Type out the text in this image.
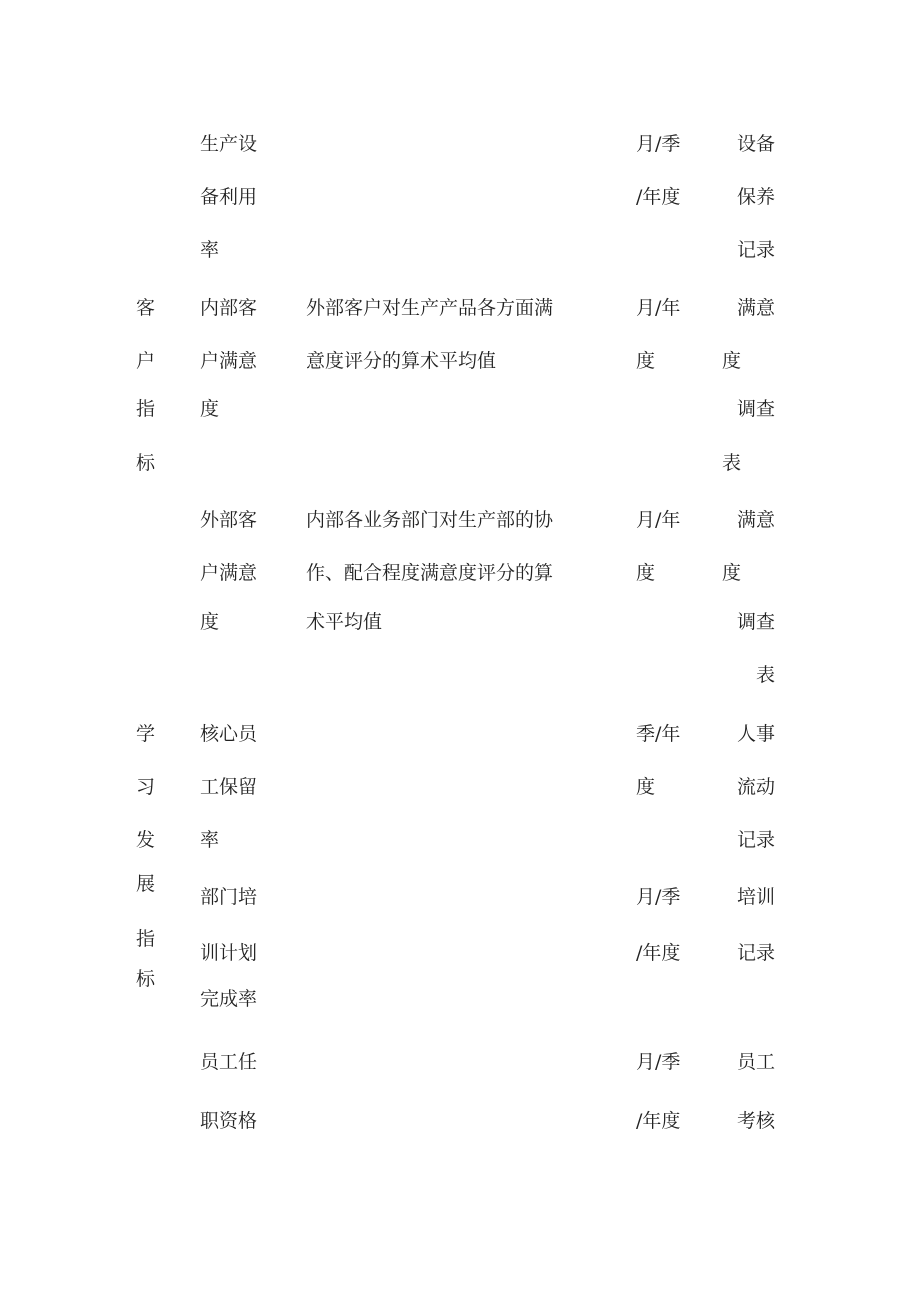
生产设
备利用
率
月/季
/年度
设备
保养
记录
客
户
指
标
内部客
户满意
度
外部客户对生产产品各方面满
意度评分的算术平均值
月/年
度
满意
度
调查
表
外部客
户满意
度
内部各业务部门对生产部的协
作、配合程度满意度评分的算
术平均值
月/年
度
满意
度
调查
表
学
习
发
展
指
标
核心员
工保留
率
季/年
度
人事
流动
记录
部门培
训计划
完成率
月/季
/年度
培训
记录
员工任
职资格
月/季
/年度
员工
考核
